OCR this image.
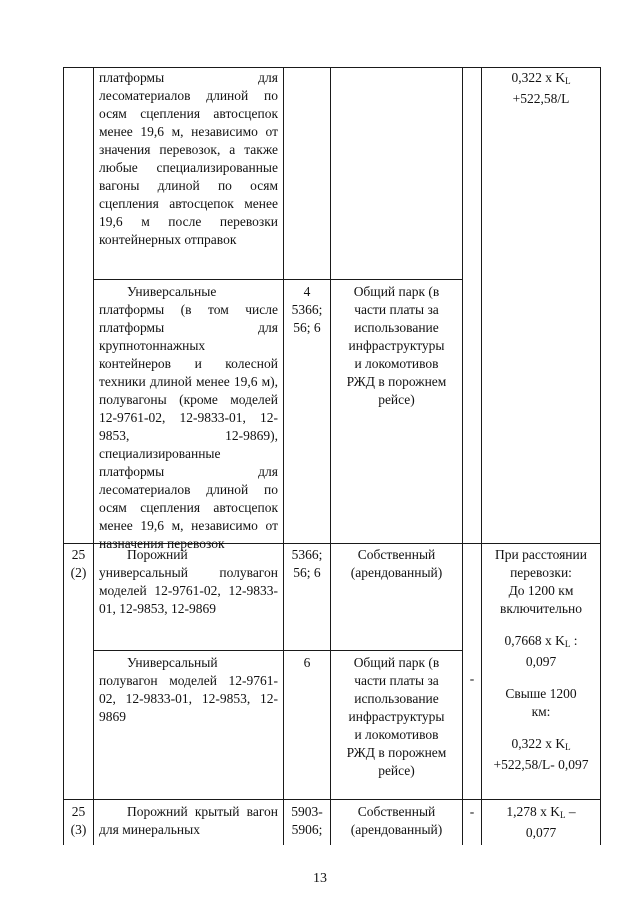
платформы для лесоматериалов длиной по осям сцепления автосцепок менее 19,6 м, независимо от значения перевозок, а также любые специализированные вагоны длиной по осям сцепления автосцепок менее 19,6 м после перевозки контейнерных отправок

0,322 x $K_L$
+522,58/L

Универсальные платформы (в том числе платформы для крупнотоннажных контейнеров и колесной техники длиной менее 19,6 м), полувагоны (кроме моделей 12-9761-02, 12-9833-01, 12-9853, 12-9869), специализированные платформы для лесоматериалов длиной по осям сцепления автосцепок менее 19,6 м, независимо от назначения перевозок

4
5366;
56; 6
Общий парк (в
части платы за
использование
инфраструктуры
и локомотивов
РЖД в порожнем
рейсе)
25
(2)

Порожний универсальный полувагон моделей 12-9761-02, 12-9833-01, 12-9853, 12-9869

5366;
56; 6
Собственный
(арендованный)
При расстоянии
перевозки:
До 1200 км
включительно
0,7668 x $K_L$ :
0,097
Свыше 1200
км:
0,322 x $K_L$
+522,58/L- 0,097

Универсальный полувагон моделей 12-9761-02, 12-9833-01, 12-9853, 12-9869

6	Общий парк (в
части платы за
использование
инфраструктуры
и локомотивов
РЖД в порожнем
рейсе)
-
25
(3)

Порожний крытый вагон для минеральных

5903-
5906;
Собственный
(арендованный)
-	1,278 x $K_L$ –
0,077
13
